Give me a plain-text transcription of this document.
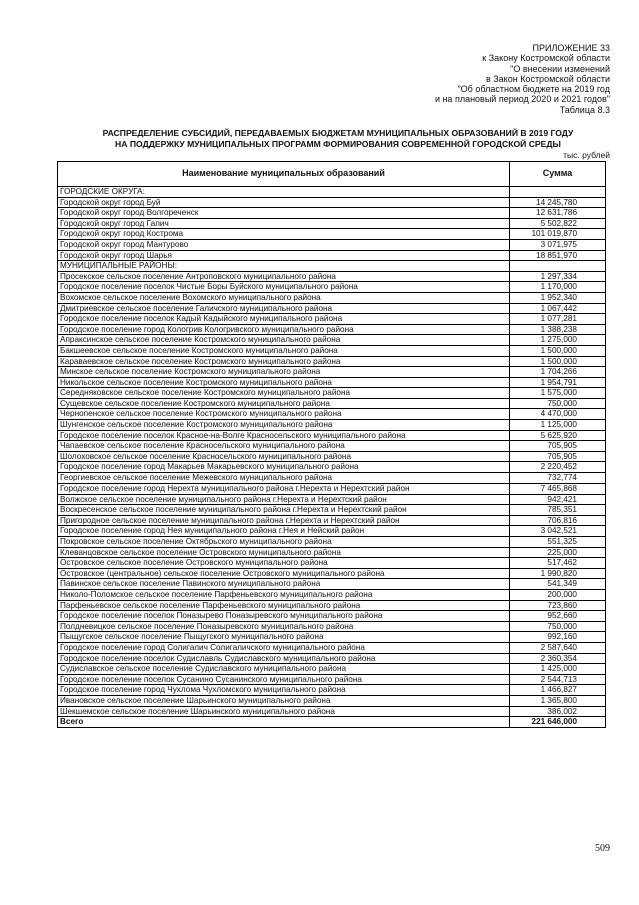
ПРИЛОЖЕНИЕ 33
к Закону Костромской области
"О внесении изменений
в Закон Костромской области
"Об областном бюджете на 2019 год
и на плановый период 2020 и 2021 годов"
Таблица 8.3
РАСПРЕДЕЛЕНИЕ СУБСИДИЙ, ПЕРЕДАВАЕМЫХ БЮДЖЕТАМ МУНИЦИПАЛЬНЫХ ОБРАЗОВАНИЙ В 2019 ГОДУ
НА ПОДДЕРЖКУ МУНИЦИПАЛЬНЫХ ПРОГРАММ ФОРМИРОВАНИЯ СОВРЕМЕННОЙ ГОРОДСКОЙ СРЕДЫ
тыс. рублей
Наименование муниципальных образований	Сумма
ГОРОДСКИЕ ОКРУГА:	
Городской округ город Буй	14 245,780
Городской округ город Волгореченск	12 631,786
Городской округ город Галич	5 502,822
Городской округ город Кострома	101 019,870
Городской округ город Мантурово	3 071,975
Городской округ город Шарья	18 851,970
МУНИЦИПАЛЬНЫЕ РАЙОНЫ:	
Просекское сельское поселение Антроповского муниципального района	1 297,334
Городское поселение поселок Чистые Боры Буйского муниципального района	1 170,000
Вохомское сельское поселение Вохомского муниципального района	1 952,340
Дмитриевское сельское поселение Галичского муниципального района	1 067,442
Городское поселение поселок Кадый Кадыйского муниципального района	1 077,281
Городское поселение город Кологрив Кологривского муниципального района	1 388,238
Апраксинское сельское поселение Костромского муниципального района	1 275,000
Бакшеевское сельское поселение Костромского муниципального района	1 500,000
Караваевское сельское поселение Костромского муниципального района	1 500,000
Минское сельское поселение Костромского муниципального района	1 704,266
Никольское сельское поселение Костромского муниципального района	1 954,791
Середняковское сельское поселение Костромского муниципального района	1 575,000
Сущевское сельское поселение Костромского муниципального района	750,000
Чернопенское сельское поселение Костромского муниципального района	4 470,000
Шунгенское сельское поселение Костромского муниципального района	1 125,000
Городское поселение поселок Красное-на-Волге Красносельского муниципального района	5 625,920
Чапаевское сельское поселение Красносельского муниципального района	705,905
Шолоховское сельское поселение Красносельского муниципального района	705,905
Городское поселение город Макарьев Макарьевского муниципального района	2 220,452
Георгиевское сельское поселение Межевского муниципального района	732,774
Городское поселение город Нерехта муниципального района г.Нерехта и Нерехтский район	7 465,868
Волжское сельское поселение муниципального района г.Нерехта и Нерехтский район	942,421
Воскресенское сельское поселение муниципального района г.Нерехта и Нерехтский район	785,351
Пригородное сельское поселение муниципального района г.Нерехта и Нерехтский район	706,816
Городское поселение город Нея муниципального района г.Нея и Нейский район	3 042,521
Покровское сельское поселение Октябрьского муниципального района	551,325
Клеванцовское сельское поселение Островского муниципального района	225,000
Островское сельское поселение Островского муниципального района	517,462
Островское (центральное) сельское поселение Островского муниципального района	1 990,820
Павинское сельское поселение Павинского муниципального района	541,349
Николо-Поломское сельское поселение Парфеньевского муниципального района	200,000
Парфеньевское сельское поселение Парфеньевского муниципального района	723,860
Городское поселение поселок Поназырево Поназыревского муниципального района	952,660
Полдневицкое сельское поселение Поназыревского муниципального района	750,000
Пыщугское сельское поселение Пыщугского муниципального района	992,160
Городское поселение город Солигалич Солигаличского муниципального района	2 587,640
Городское поселение поселок Судиславль Судиславского муниципального района	2 360,354
Судиславское сельское поселение Судиславского муниципального района	1 425,000
Городское поселение поселок Сусанино Сусанинского муниципального района	2 544,713
Городское поселение город Чухлома Чухломского муниципального района	1 466,827
Ивановское сельское поселение Шарьинского муниципального района	1 365,800
Шекшемское сельское поселение Шарьинского муниципального района	386,002
Всего	221 646,000
509
